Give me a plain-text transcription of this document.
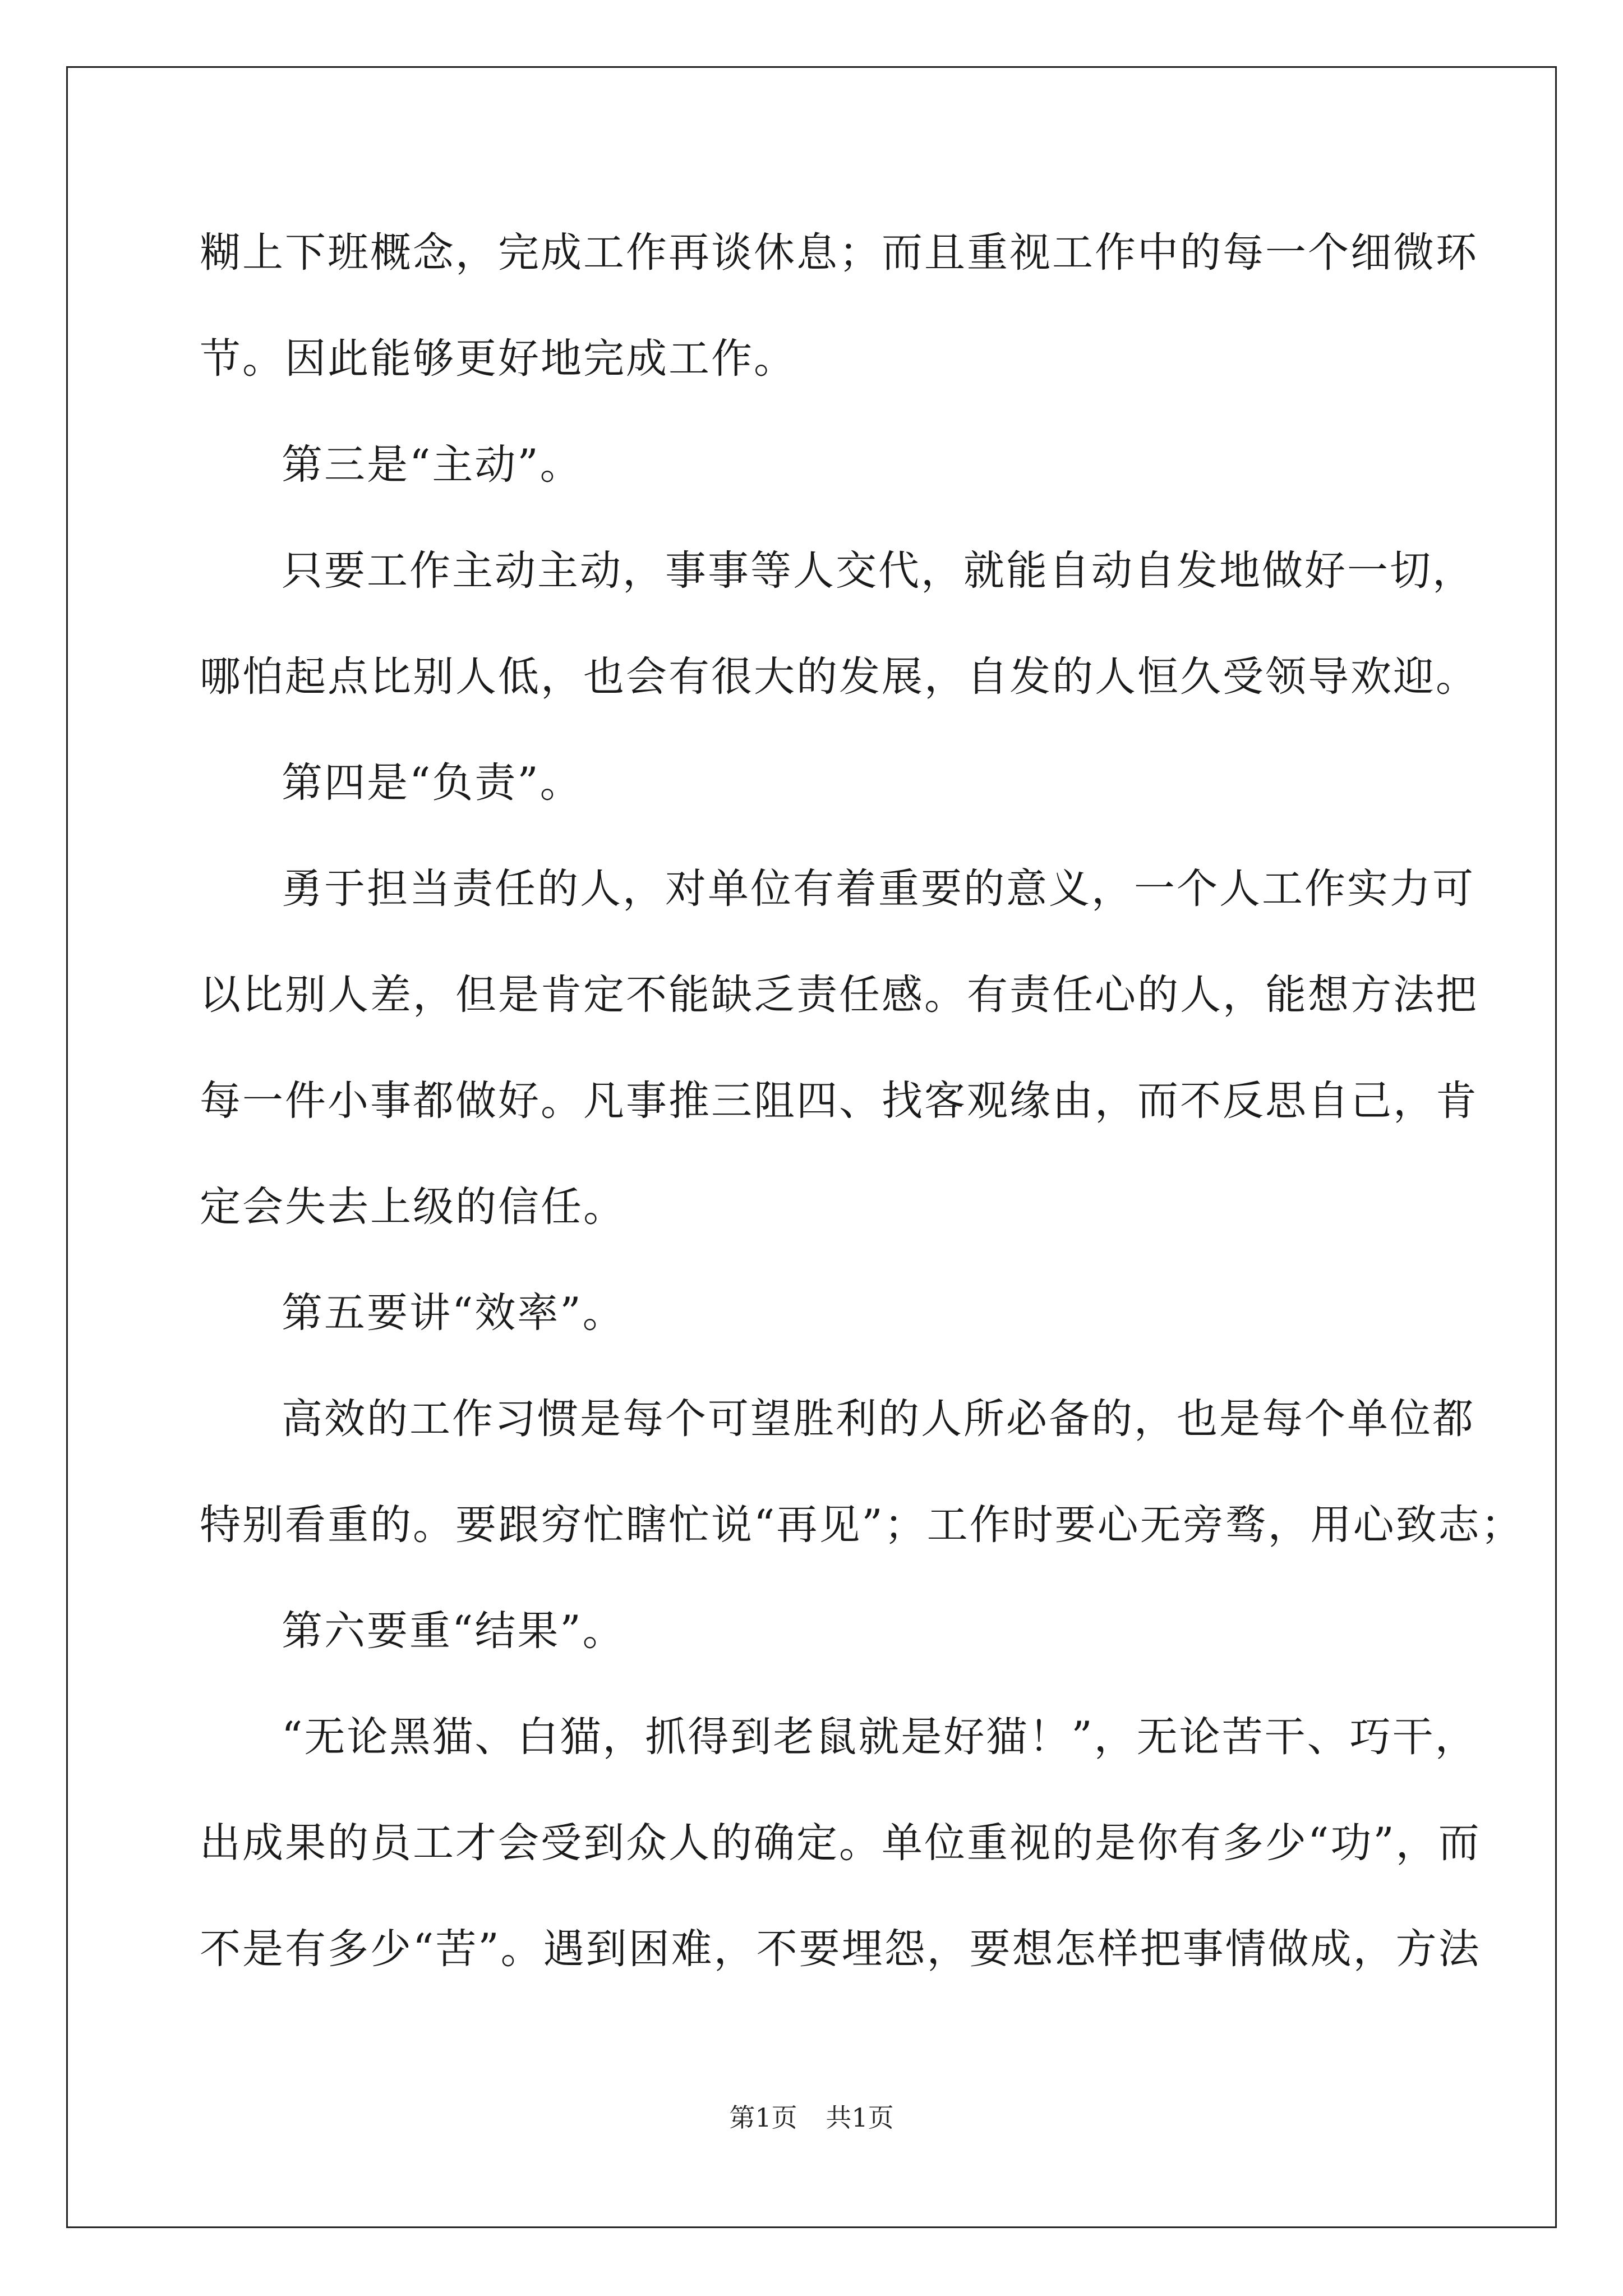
糊上下班概念，完成工作再谈休息；而且重视工作中的每一个细微环

节。因此能够更好地完成工作。

第三是“主动”。

只要工作主动主动，事事等人交代，就能自动自发地做好一切，

哪怕起点比别人低，也会有很大的发展，自发的人恒久受领导欢迎。

第四是“负责”。

勇于担当责任的人，对单位有着重要的意义，一个人工作实力可

以比别人差，但是肯定不能缺乏责任感。有责任心的人，能想方法把

每一件小事都做好。凡事推三阻四、找客观缘由，而不反思自己，肯

定会失去上级的信任。

第五要讲“效率”。

高效的工作习惯是每个可望胜利的人所必备的，也是每个单位都

特别看重的。要跟穷忙瞎忙说“再见”；工作时要心无旁骛，用心致志；

第六要重“结果”。

“无论黑猫、白猫，抓得到老鼠就是好猫！”，无论苦干、巧干，

出成果的员工才会受到众人的确定。单位重视的是你有多少“功”，而

不是有多少“苦”。遇到困难，不要埋怨，要想怎样把事情做成，方法

第1页 共1页
